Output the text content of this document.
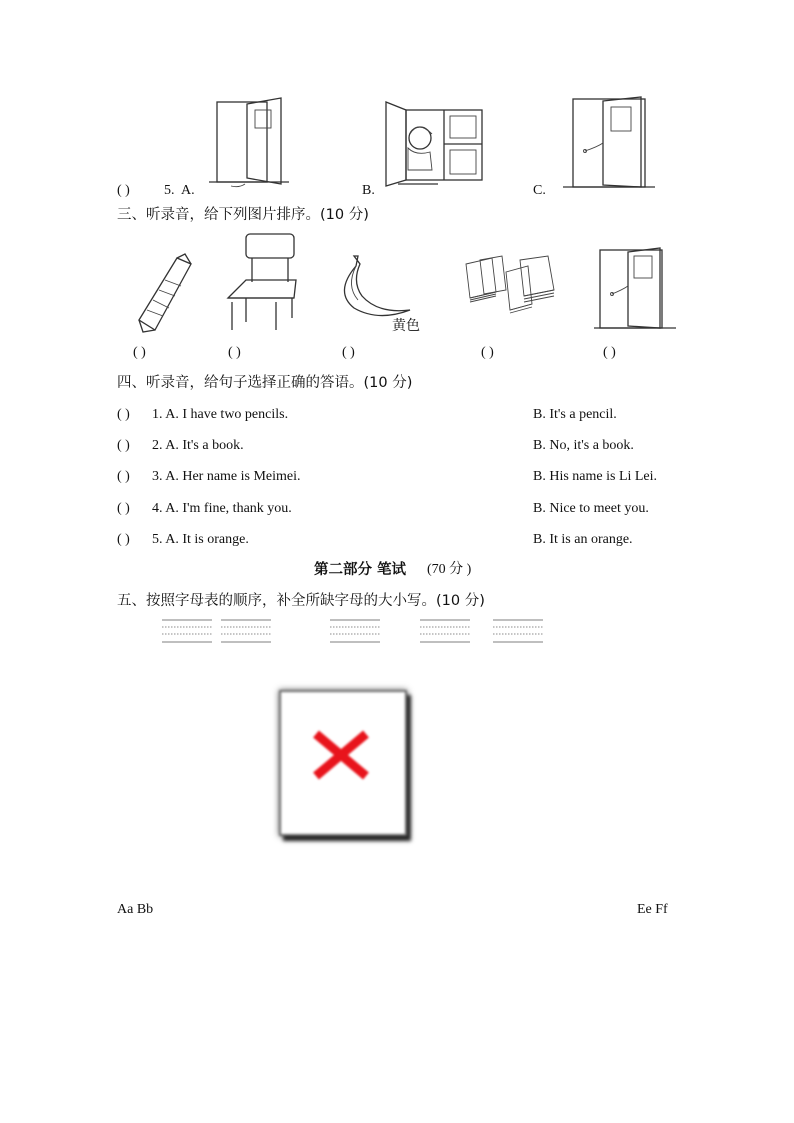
( ) 5. A.	B.	C.
三、听录音，给下列图片排序。(10 分)
黄色
( )	( )	( )	( )	( )
四、听录音，给句子选择正确的答语。(10 分)
( ) 1. A. I have two pencils.	B. It's a pencil.
( ) 2. A. It's a book.	B. No, it's a book.
( ) 3. A. Her name is Meimei.	B. His name is Li Lei.
( ) 4. A. I'm fine, thank you.	B. Nice to meet you.
( ) 5. A. It is orange.	B. It is an orange.
第二部分 笔试 (70 分 )
五、按照字母表的顺序，补全所缺字母的大小写。(10 分)
Aa Bb	Ee Ff
